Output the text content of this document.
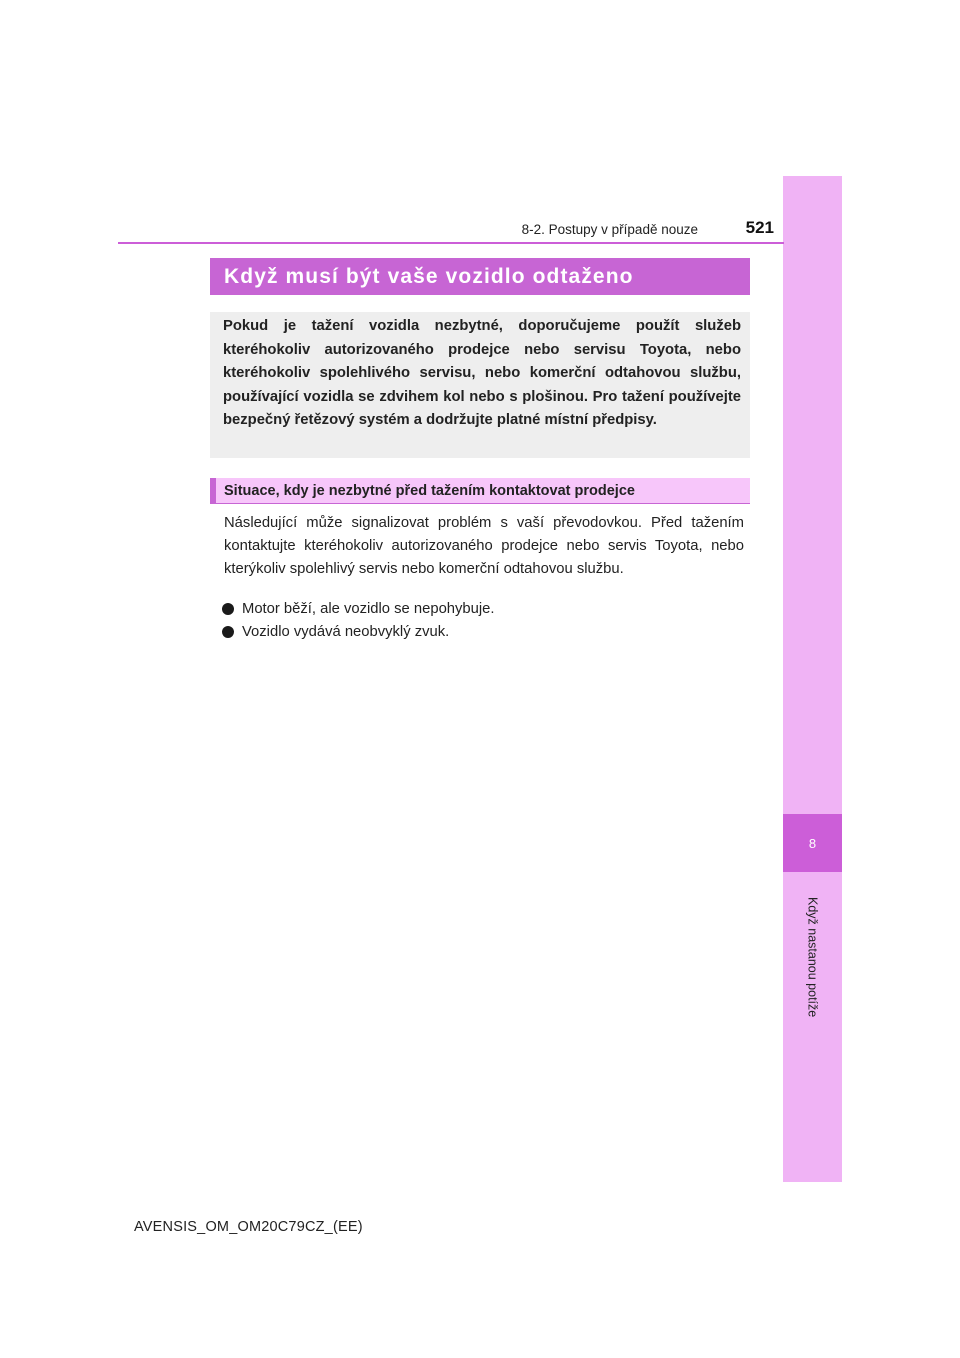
8
Když nastanou potíže
8-2. Postupy v případě nouze	521
Když musí být vaše vozidlo odtaženo

Pokud je tažení vozidla nezbytné, doporučujeme použít služeb kteréhokoliv autorizovaného prodejce nebo servisu Toyota, nebo kteréhokoliv spolehlivého servisu, nebo komerční odtahovou službu, používající vozidla se zdvihem kol nebo s plošinou. Pro tažení používejte bezpečný řetězový systém a dodržujte platné místní předpisy.

Situace, kdy je nezbytné před tažením kontaktovat prodejce

Následující může signalizovat problém s vaší převodovkou. Před tažením kontaktujte kteréhokoliv autorizovaného prodejce nebo servis Toyota, nebo kterýkoliv spolehlivý servis nebo komerční odtahovou službu.

Motor běží, ale vozidlo se nepohybuje.
Vozidlo vydává neobvyklý zvuk.
AVENSIS_OM_OM20C79CZ_(EE)
